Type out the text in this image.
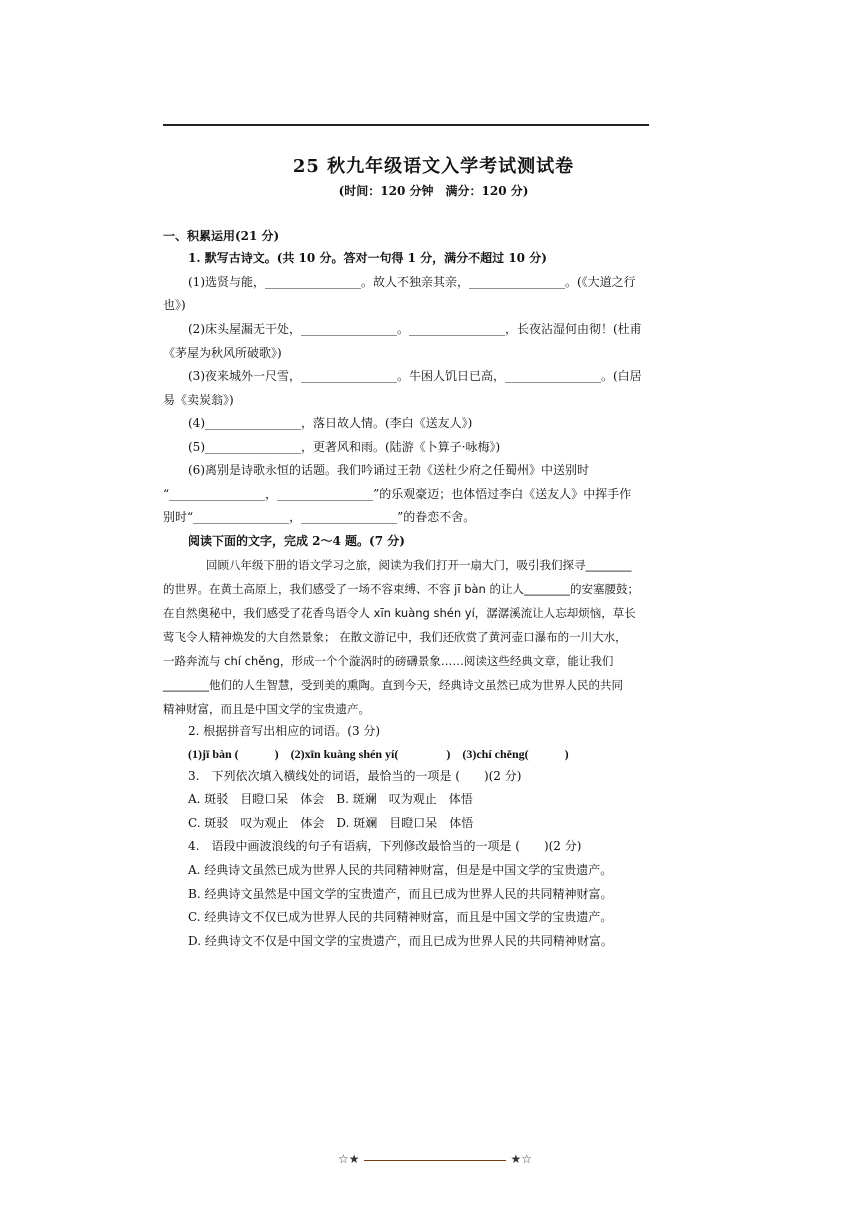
25 秋九年级语文入学考试测试卷
(时间：120 分钟　满分：120 分)
一、积累运用(21 分)
1. 默写古诗文。(共 10 分。答对一句得 1 分，满分不超过 10 分)
(1)选贤与能，________________。故人不独亲其亲，________________。(《大道之行
也》)
(2)床头屋漏无干处，________________。________________，长夜沾湿何由彻！(杜甫
《茅屋为秋风所破歌》)
(3)夜来城外一尺雪，________________。牛困人饥日已高，________________。(白居
易《卖炭翁》)
(4)________________，落日故人情。(李白《送友人》)
(5)________________，更著风和雨。(陆游《卜算子·咏梅》)
(6)离别是诗歌永恒的话题。我们吟诵过王勃《送杜少府之任蜀州》中送别时
“________________，________________”的乐观豪迈；也体悟过李白《送友人》中挥手作
别时“________________，________________”的眷恋不舍。
阅读下面的文字，完成 2～4 题。(7 分)
回顾八年级下册的语文学习之旅，阅读为我们打开一扇大门，吸引我们探寻________
的世界。在黄土高原上，我们感受了一场不容束缚、不容 jī bàn 的让人________的安塞腰鼓；
在自然奥秘中，我们感受了花香鸟语令人 xīn kuàng shén yí，潺潺溪流让人忘却烦恼，草长
莺飞令人精神焕发的大自然景象； 在散文游记中，我们还欣赏了黄河壶口瀑布的一川大水，
一路奔流与 chí chěng，形成一个个漩涡时的磅礴景象……阅读这些经典文章，能让我们
________他们的人生智慧，受到美的熏陶。直到今天，经典诗文虽然已成为世界人民的共同
精神财富，而且是中国文学的宝贵遗产。
2. 根据拼音写出相应的词语。(3 分)
(1)jī bàn (　　　)　(2)xīn kuàng shén yí(　　　　)　(3)chí chěng(　　　)
3.　下列依次填入横线处的词语，最恰当的一项是 (　　)(2 分)
A. 斑驳　目瞪口呆　体会　B. 斑斓　叹为观止　体悟
C. 斑驳　叹为观止　体会　D. 斑斓　目瞪口呆　体悟
4.　语段中画波浪线的句子有语病，下列修改最恰当的一项是 (　　)(2 分)
A. 经典诗文虽然已成为世界人民的共同精神财富，但是是中国文学的宝贵遗产。
B. 经典诗文虽然是中国文学的宝贵遗产，而且已成为世界人民的共同精神财富。
C. 经典诗文不仅已成为世界人民的共同精神财富，而且是中国文学的宝贵遗产。
D. 经典诗文不仅是中国文学的宝贵遗产，而且已成为世界人民的共同精神财富。
☆★	★☆
